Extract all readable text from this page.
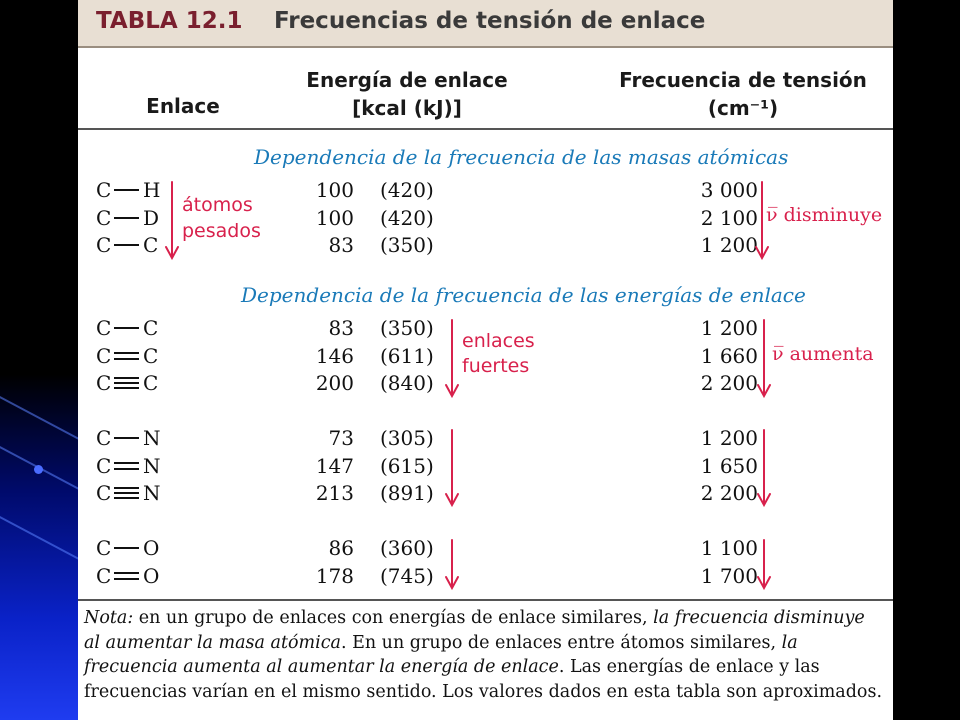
TABLA 12.1 Frecuencias de tensión de enlace
Enlace
Energía de enlace
[kcal (kJ)]
Frecuencia de tensión
(cm⁻¹)
Dependencia de la frecuencia de las masas atómicas
Dependencia de la frecuencia de las energías de enlace
C H	100 (420)	3 000
C D	100 (420)	2 100
C C	83 (350)	1 200
C C	83 (350)	1 200
C C	146 (611)	1 660
C C	200 (840)	2 200
C N	73 (305)	1 200
C N	147 (615)	1 650
C N	213 (891)	2 200
C O	86 (360)	1 100
C O	178 (745)	1 700
átomos
pesados
ν̅ disminuye
enlaces
fuertes
ν̅ aumenta
Nota: en un grupo de enlaces con energías de enlace similares, la frecuencia disminuye al aumentar la masa atómica. En un grupo de enlaces entre átomos similares, la frecuencia aumenta al aumentar la energía de enlace. Las energías de enlace y las frecuencias varían en el mismo sentido. Los valores dados en esta tabla son aproximados.
